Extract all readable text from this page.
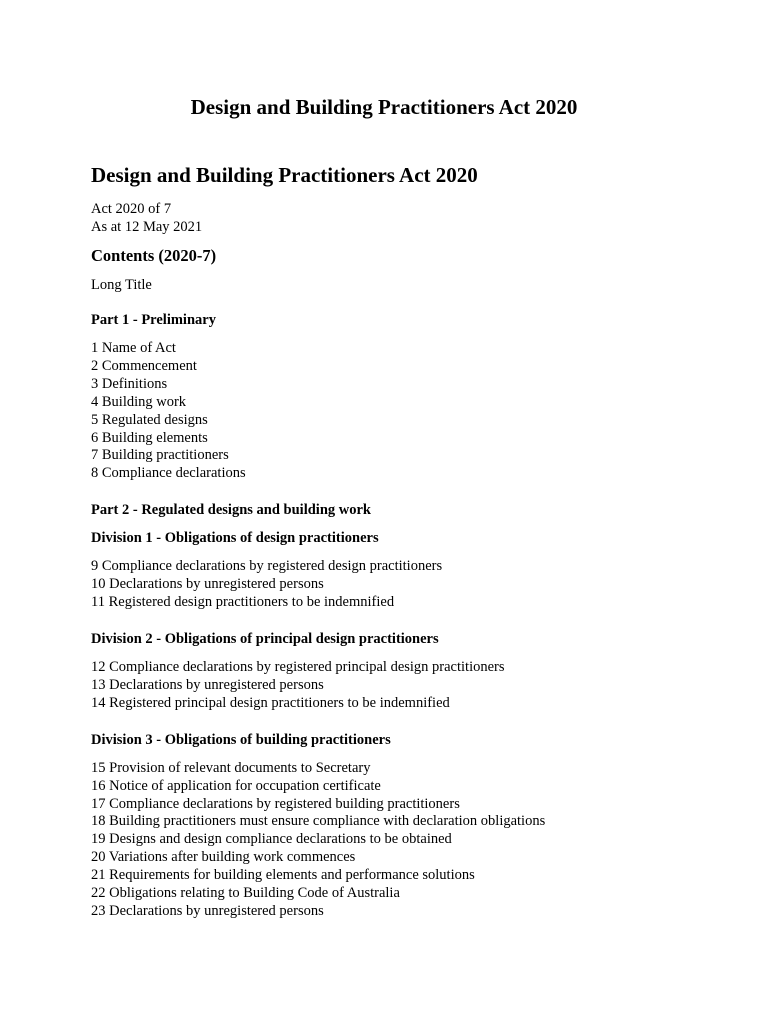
Design and Building Practitioners Act 2020
Design and Building Practitioners Act 2020

Act 2020 of 7

As at 12 May 2021

Contents (2020-7)

Long Title

Part 1 - Preliminary
1 Name of Act
2 Commencement
3 Definitions
4 Building work
5 Regulated designs
6 Building elements
7 Building practitioners
8 Compliance declarations
Part 2 - Regulated designs and building work
Division 1 - Obligations of design practitioners
9 Compliance declarations by registered design practitioners
10 Declarations by unregistered persons
11 Registered design practitioners to be indemnified
Division 2 - Obligations of principal design practitioners
12 Compliance declarations by registered principal design practitioners
13 Declarations by unregistered persons
14 Registered principal design practitioners to be indemnified
Division 3 - Obligations of building practitioners
15 Provision of relevant documents to Secretary
16 Notice of application for occupation certificate
17 Compliance declarations by registered building practitioners
18 Building practitioners must ensure compliance with declaration obligations
19 Designs and design compliance declarations to be obtained
20 Variations after building work commences
21 Requirements for building elements and performance solutions
22 Obligations relating to Building Code of Australia
23 Declarations by unregistered persons
